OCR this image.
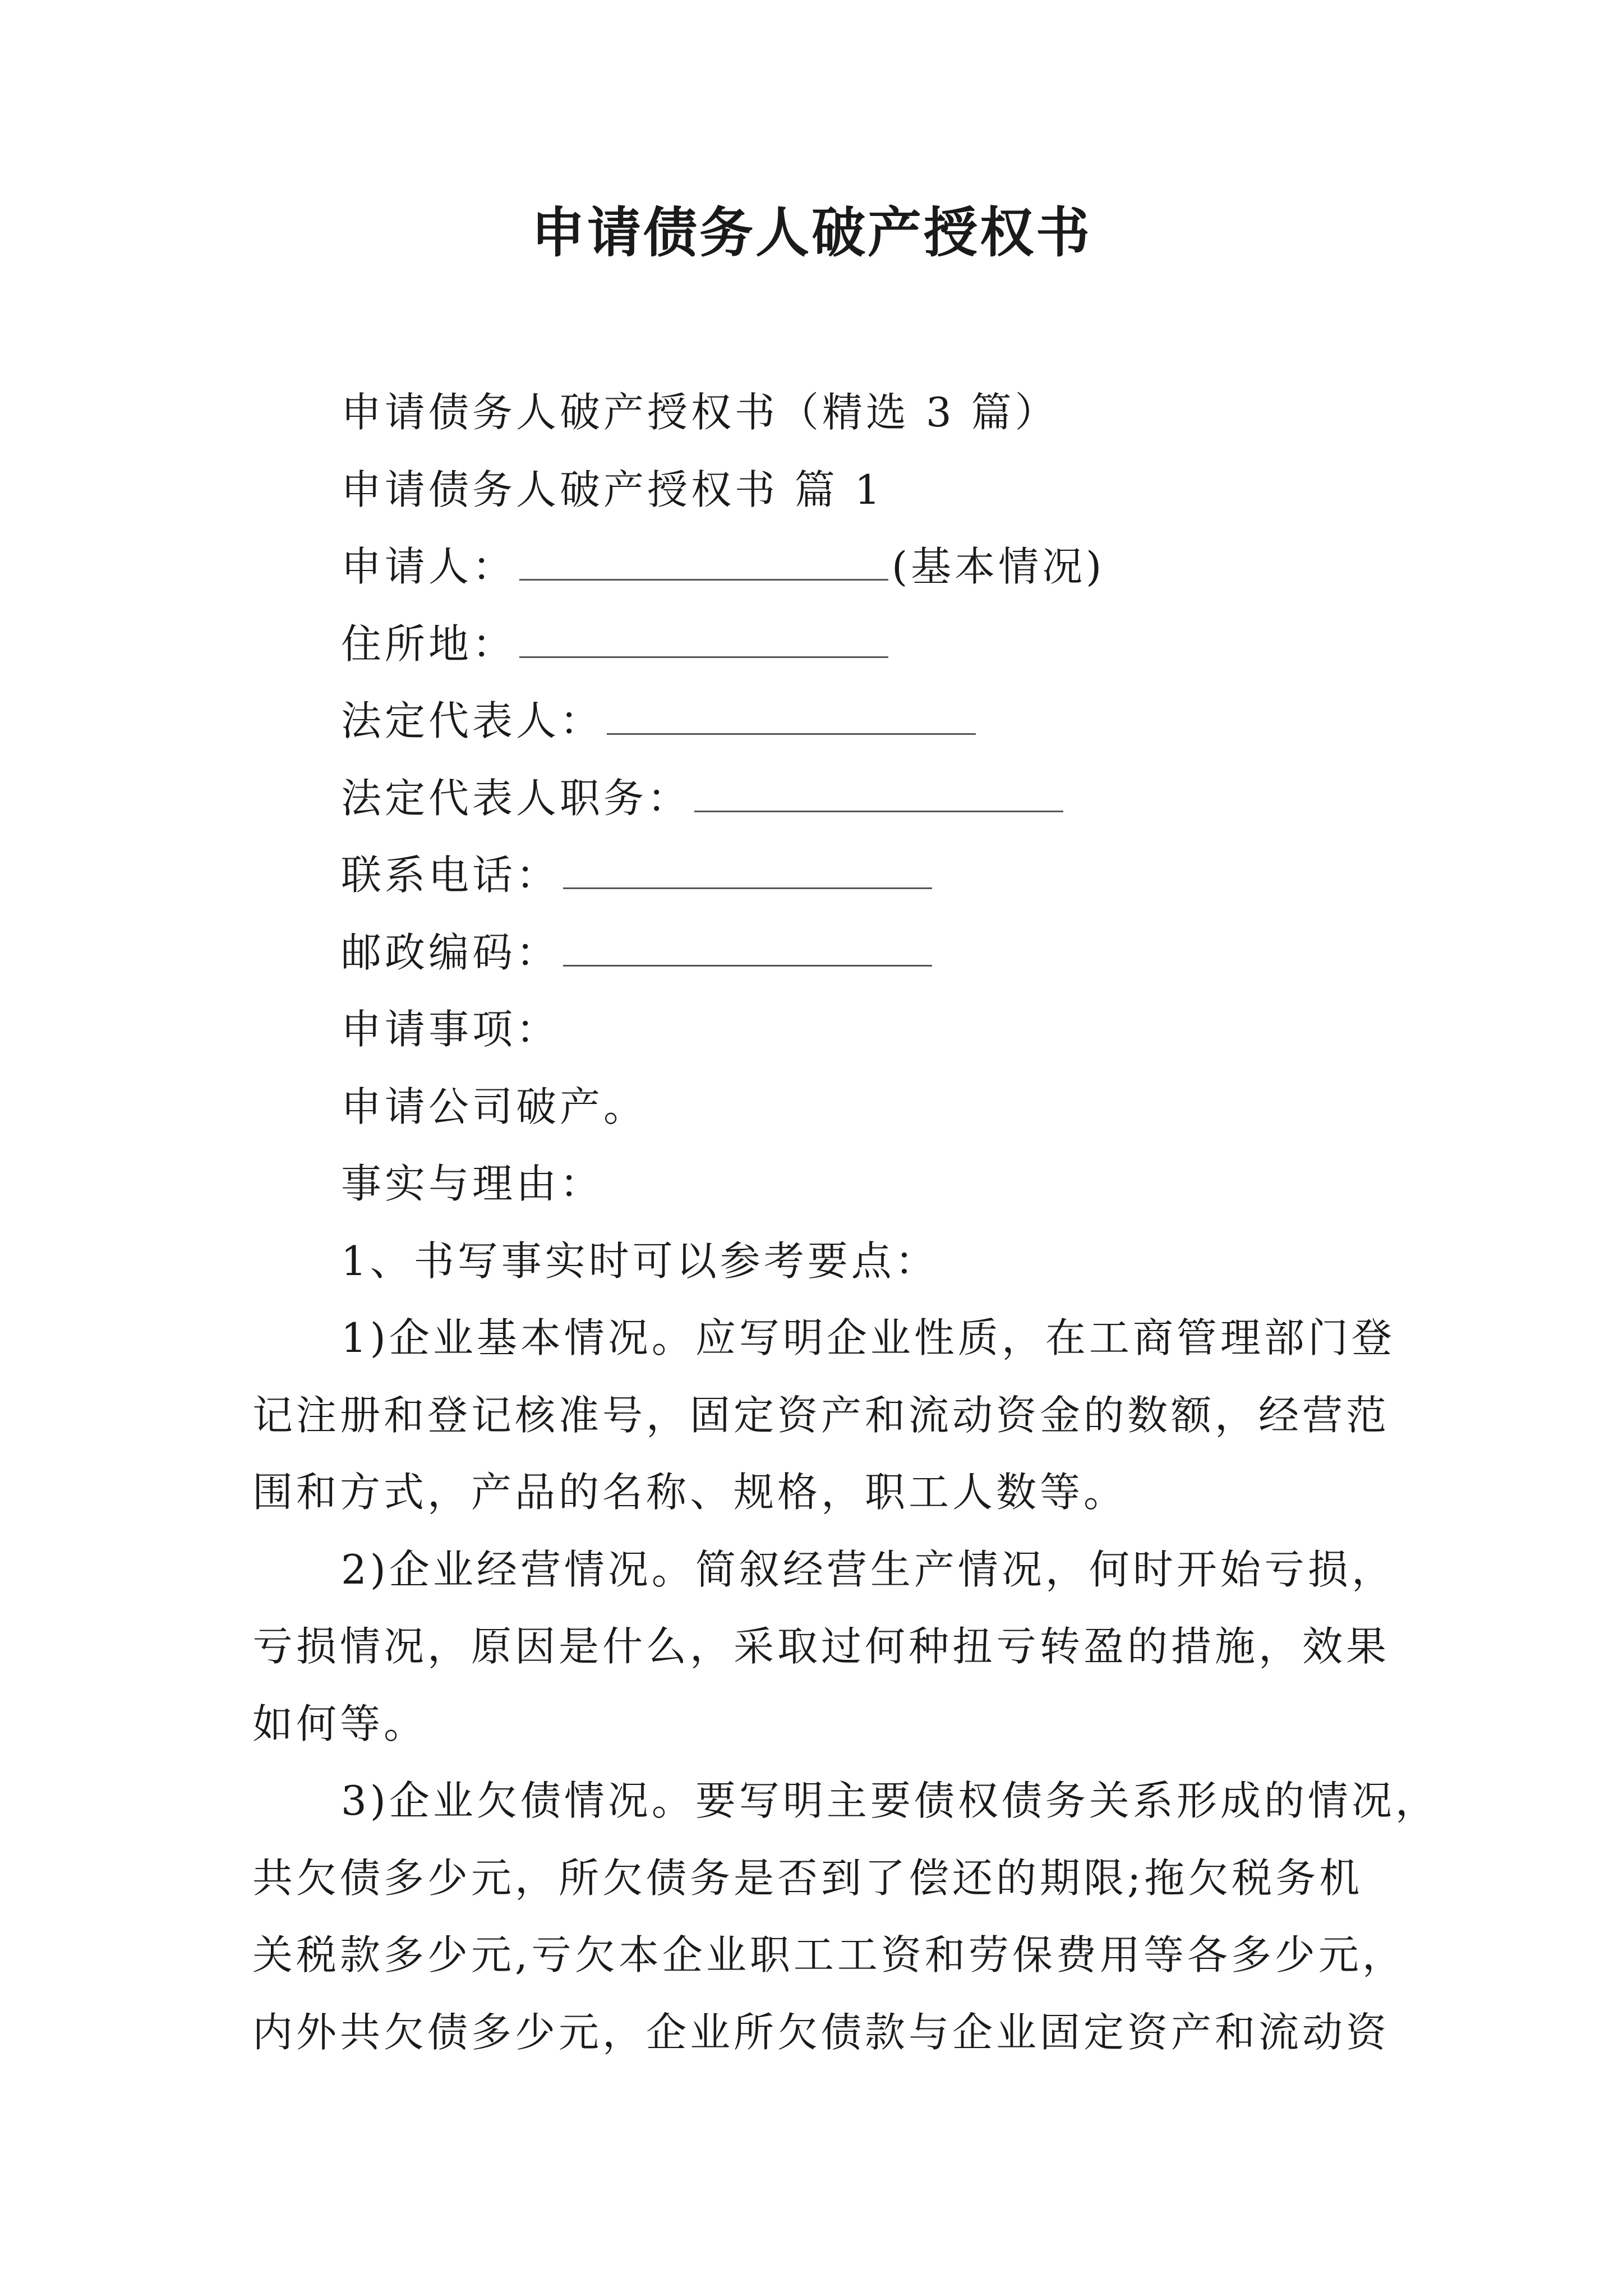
申请债务人破产授权书
申请债务人破产授权书（精选 3 篇）
申请债务人破产授权书 篇 1
申请人：	(基本情况)
住所地：
法定代表人：
法定代表人职务：
联系电话：
邮政编码：
申请事项：
申请公司破产。
事实与理由：
1、书写事实时可以参考要点：
1)企业基本情况。应写明企业性质，在工商管理部门登
记注册和登记核准号，固定资产和流动资金的数额，经营范
围和方式，产品的名称、规格，职工人数等。
2)企业经营情况。简叙经营生产情况，何时开始亏损，
亏损情况，原因是什么，采取过何种扭亏转盈的措施，效果
如何等。
3)企业欠债情况。要写明主要债权债务关系形成的情况，
共欠债多少元，所欠债务是否到了偿还的期限;拖欠税务机
关税款多少元,亏欠本企业职工工资和劳保费用等各多少元，
内外共欠债多少元，企业所欠债款与企业固定资产和流动资
